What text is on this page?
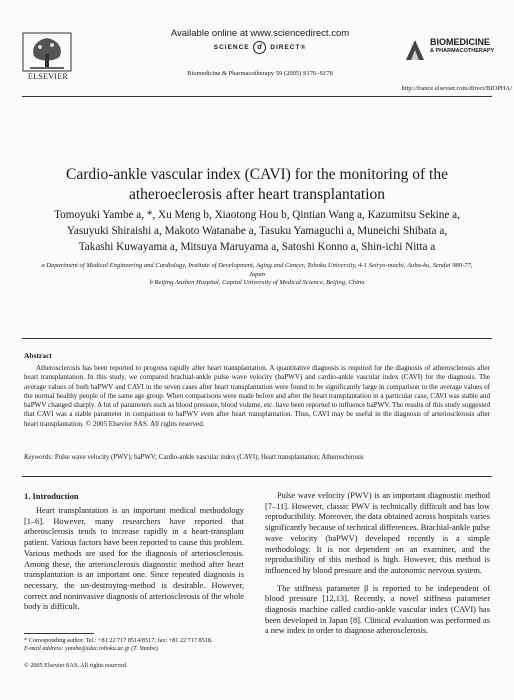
Available online at www.sciencedirect.com
SCIENCE d DIRECT®
Biomedicine & Pharmacotherapy 59 (2005) S176–S178
ELSEVIER

BIOMEDICINE
& PHARMACOTHERAPY
http://france.elsevier.com/direct/BIOPHA/
Cardio-ankle vascular index (CAVI) for the monitoring of the atheroeclerosis after heart transplantation
Tomoyuki Yambe a, *, Xu Meng b, Xiaotong Hou b, Qintian Wang a, Kazumitsu Sekine a,
Yasuyuki Shiraishi a, Makoto Watanabe a, Tasuku Yamaguchi a, Muneichi Shibata a,
Takashi Kuwayama a, Mitsuya Maruyama a, Satoshi Konno a, Shin-ichi Nitta a
a Department of Medical Engineering and Cardiology, Institute of Development, Aging and Cancer, Tohoku University, 4-1 Seiryo-machi, Aoba-ku, Sendai 980-77, Japan
b Beijing Anzhen Hospital, Capital University of Medical Science, Beijing, China
Abstract
Atherosclerosis has been reported to progress rapidly after heart transplantation. A quantitative diagnosis is required for the diagnosis of atherosclerosis after heart transplantation. In this study, we compared brachial-ankle pulse wave velocity (baPWV) and cardio-ankle vascular index (CAVI) for the diagnosis. The average values of both baPWV and CAVI in the seven cases after heart transplantation were found to be significantly large in comparison to the average values of the normal healthy people of the same age group. When comparisons were made before and after the heart transplantation in a particular case, CAVI was stable and baPWV changed sharply. A lot of parameters such as blood pressure, blood volume, etc. have been reported to influence baPWV. The results of this study suggested that CAVI was a stable parameter in comparison to baPWV even after heart transplantation. Thus, CAVI may be useful in the diagnosis of arteriosclerosis after heart transplantation. © 2005 Elsevier SAS. All rights reserved.
Keywords: Pulse wave velocity (PWV); baPWV; Cardio-ankle vascular index (CAVI); Heart transplantation; Atherosclerosis
1. Introduction
Heart transplantation is an important medical methodology [1–6]. However, many researchers have reported that atherosclerosis tends to increase rapidly in a heart-transplant patient. Various factors have been reported to cause this problem. Various methods are used for the diagnosis of arteriosclerosis. Among these, the arteriosclerosis diagnostic method after heart transplantation is an important one. Since repeated diagnosis is necessary, the un-destroying-method is desirable. However, correct and noninvasive diagnosis of arteriosclerosis of the whole body is difficult.

Pulse wave velocity (PWV) is an important diagnostic method [7–11]. However, classic PWV is technically difficult and has low reproducibility. Moreover, the data obtained across hospitals varies significantly because of technical differences. Brachial-ankle pulse wave velocity (baPWV) developed recently is a simple methodology. It is not dependent on an examiner, and the reproducibility of this method is high. However, this method is influenced by blood pressure and the autonomic nervous system.

The stiffness parameter β is reported to be independent of blood pressure [12,13]. Recently, a novel stiffness parameter diagnosis machine called cardio-ankle vascular index (CAVI) has been developed in Japan [8]. Clinical evaluation was performed as a new index in order to diagnose atherosclerosis.

* Corresponding author. Tel.: +81 22 717 8514/8517; fax: +81 22 717 8518.
E-mail address: yambe@idac.tohoku.ac.jp (T. Yambe).
© 2005 Elsevier SAS. All rights reserved.
